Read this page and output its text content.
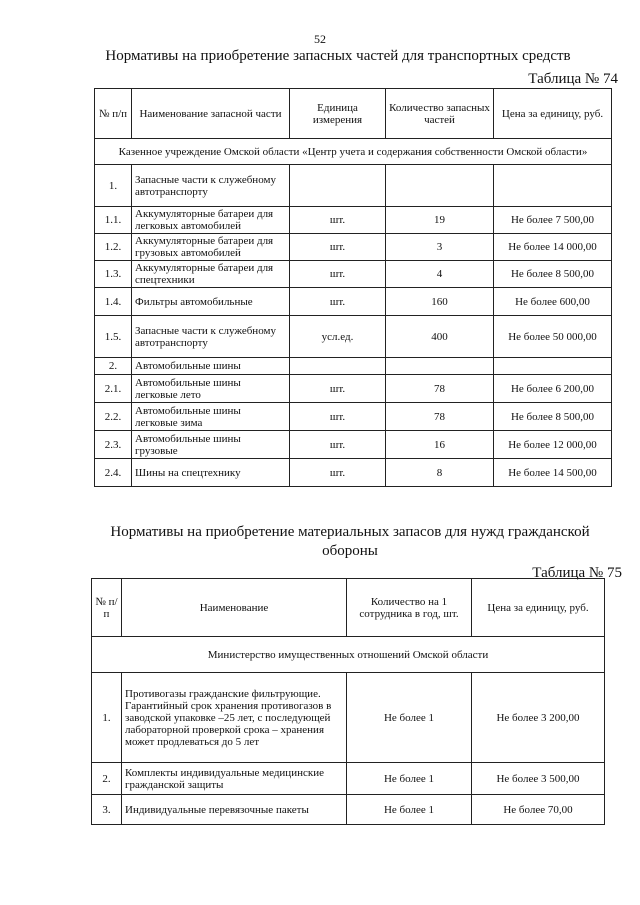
52
Нормативы на приобретение запасных частей для транспортных средств
Таблица № 74
№ п/п	Наименование запасной части	Единица измерения	Количество запасных частей	Цена за единицу, руб.
Казенное учреждение Омской области «Центр учета и содержания собственности Омской области»				
1.	Запасные части к служебному автотранспорту			
1.1.	Аккумуляторные батареи для легковых автомобилей	шт.	19	Не более 7 500,00
1.2.	Аккумуляторные батареи для грузовых автомобилей	шт.	3	Не более 14 000,00
1.3.	Аккумуляторные батареи для спецтехники	шт.	4	Не более 8 500,00
1.4.	Фильтры автомобильные	шт.	160	Не более 600,00
1.5.	Запасные части к служебному автотранспорту	усл.ед.	400	Не более 50 000,00
2.	Автомобильные шины			
2.1.	Автомобильные шины легковые лето	шт.	78	Не более 6 200,00
2.2.	Автомобильные шины легковые зима	шт.	78	Не более 8 500,00
2.3.	Автомобильные шины грузовые	шт.	16	Не более 12 000,00
2.4.	Шины на спецтехнику	шт.	8	Не более 14 500,00
Нормативы на приобретение материальных запасов для нужд гражданской обороны
Таблица № 75
№ п/п	Наименование	Количество на 1 сотрудника в год, шт.	Цена за единицу, руб.
Министерство имущественных отношений Омской области			
1.	Противогазы гражданские фильтрующие. Гарантийный срок хранения противогазов в заводской упаковке –25 лет, с последующей лабораторной проверкой срока – хранения может продлеваться до 5 лет	Не более 1	Не более 3 200,00
2.	Комплекты индивидуальные медицинские гражданской защиты	Не более 1	Не более 3 500,00
3.	Индивидуальные перевязочные пакеты	Не более 1	Не более 70,00
